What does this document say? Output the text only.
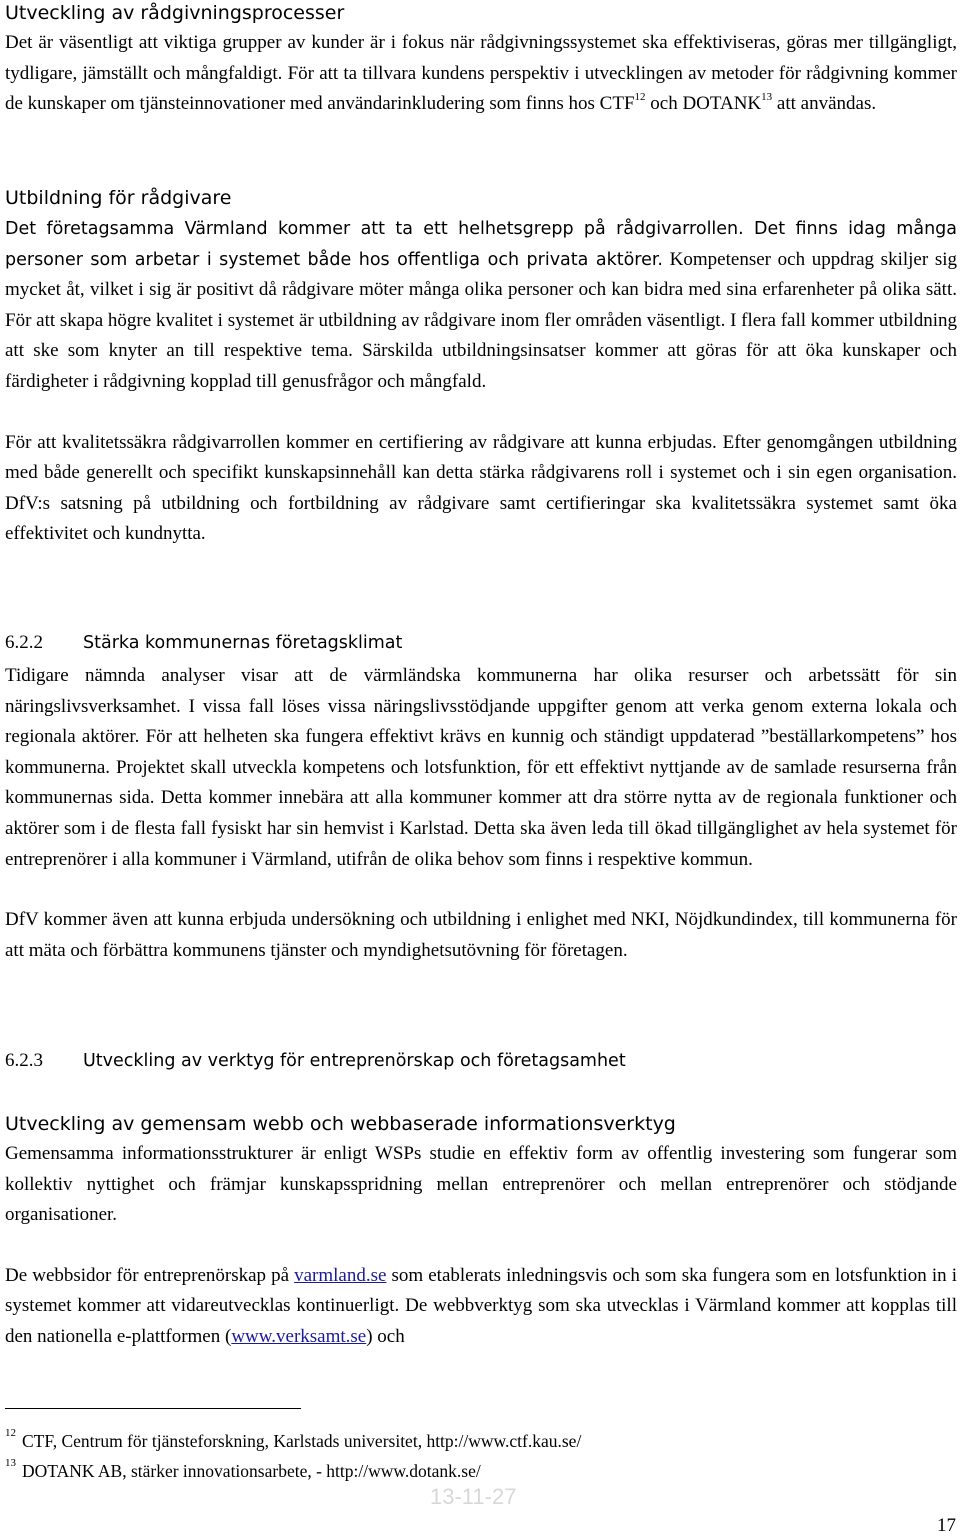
Utveckling av rådgivningsprocesser

Det är väsentligt att viktiga grupper av kunder är i fokus när rådgivningssystemet ska effektiviseras, göras mer tillgängligt, tydligare, jämställt och mångfaldigt. För att ta tillvara kundens perspektiv i utvecklingen av metoder för rådgivning kommer de kunskaper om tjänsteinnovationer med användarinkludering som finns hos CTF$^{12}$ och DOTANK$^{13}$ att användas.

Utbildning för rådgivare

Det företagsamma Värmland kommer att ta ett helhetsgrepp på rådgivarrollen. Det finns idag många personer som arbetar i systemet både hos offentliga och privata aktörer. Kompetenser och uppdrag skiljer sig mycket åt, vilket i sig är positivt då rådgivare möter många olika personer och kan bidra med sina erfarenheter på olika sätt. För att skapa högre kvalitet i systemet är utbildning av rådgivare inom fler områden väsentligt. I flera fall kommer utbildning att ske som knyter an till respektive tema. Särskilda utbildningsinsatser kommer att göras för att öka kunskaper och färdigheter i rådgivning kopplad till genusfrågor och mångfald.

För att kvalitetssäkra rådgivarrollen kommer en certifiering av rådgivare att kunna erbjudas. Efter genomgången utbildning med både generellt och specifikt kunskapsinnehåll kan detta stärka rådgivarens roll i systemet och i sin egen organisation. DfV:s satsning på utbildning och fortbildning av rådgivare samt certifieringar ska kvalitetssäkra systemet samt öka effektivitet och kundnytta.

6.2.2	Stärka kommunernas företagsklimat

Tidigare nämnda analyser visar att de värmländska kommunerna har olika resurser och arbetssätt för sin näringslivsverksamhet. I vissa fall löses vissa näringslivsstödjande uppgifter genom att verka genom externa lokala och regionala aktörer. För att helheten ska fungera effektivt krävs en kunnig och ständigt uppdaterad ”beställarkompetens” hos kommunerna. Projektet skall utveckla kompetens och lotsfunktion, för ett effektivt nyttjande av de samlade resurserna från kommunernas sida. Detta kommer innebära att alla kommuner kommer att dra större nytta av de regionala funktioner och aktörer som i de flesta fall fysiskt har sin hemvist i Karlstad. Detta ska även leda till ökad tillgänglighet av hela systemet för entreprenörer i alla kommuner i Värmland, utifrån de olika behov som finns i respektive kommun.

DfV kommer även att kunna erbjuda undersökning och utbildning i enlighet med NKI, Nöjdkundindex, till kommunerna för att mäta och förbättra kommunens tjänster och myndighetsutövning för företagen.

6.2.3	Utveckling av verktyg för entreprenörskap och företagsamhet
Utveckling av gemensam webb och webbaserade informationsverktyg

Gemensamma informationsstrukturer är enligt WSPs studie en effektiv form av offentlig investering som fungerar som kollektiv nyttighet och främjar kunskapsspridning mellan entreprenörer och mellan entreprenörer och stödjande organisationer.

De webbsidor för entreprenörskap på varmland.se som etablerats inledningsvis och som ska fungera som en lotsfunktion in i systemet kommer att vidareutvecklas kontinuerligt. De webbverktyg som ska utvecklas i Värmland kommer att kopplas till den nationella e-plattformen (www.verksamt.se) och

$^{12}$ CTF, Centrum för tjänsteforskning, Karlstads universitet, http://www.ctf.kau.se/
$^{13}$ DOTANK AB, stärker innovationsarbete, - http://www.dotank.se/
13-11-27
17
